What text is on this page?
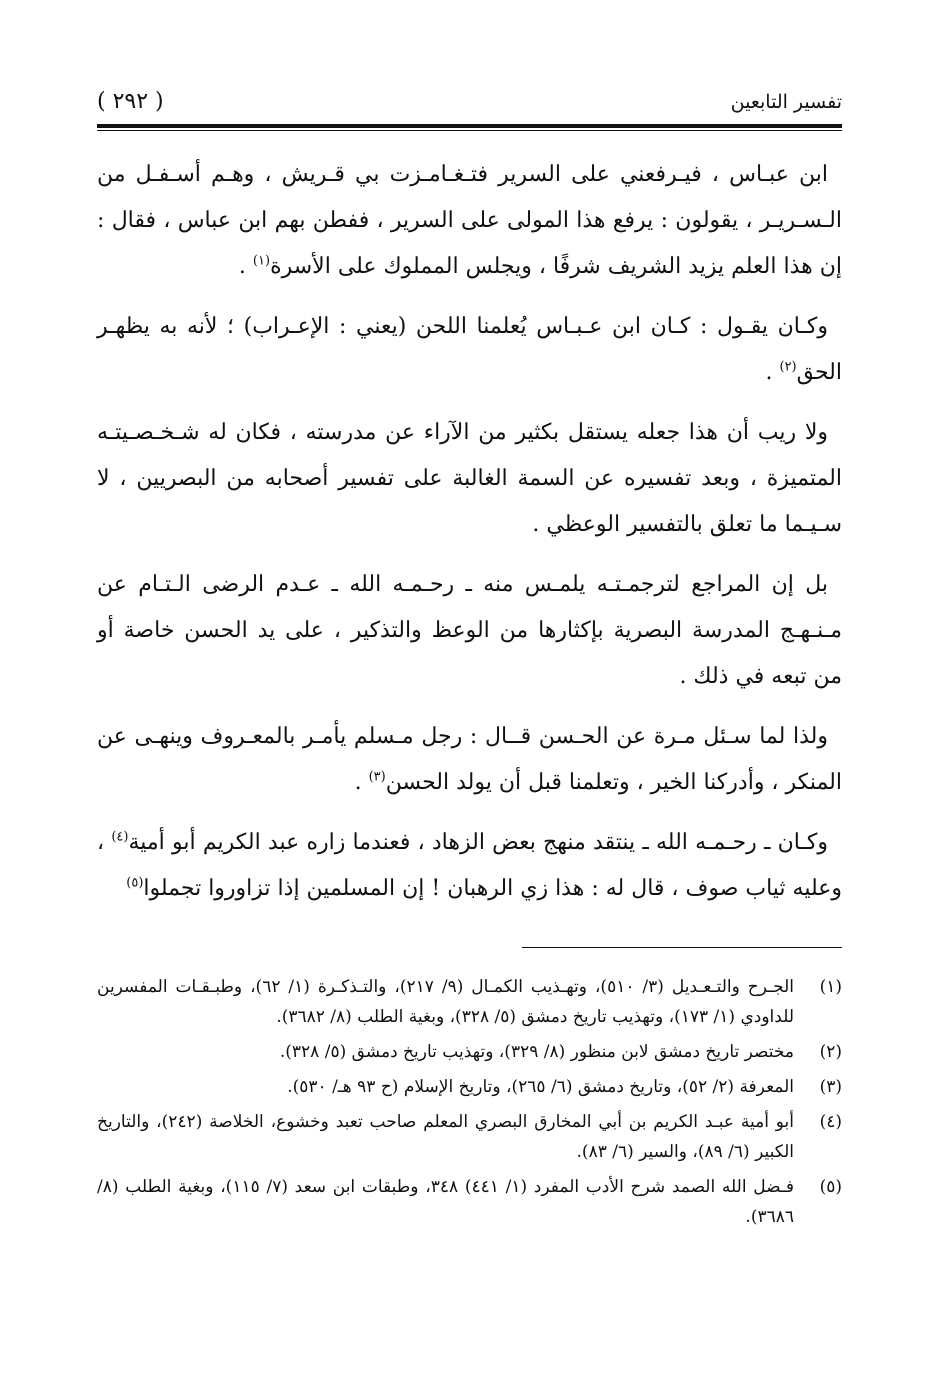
( ٢٩٢ )	تفسير التابعين

ابن عبـاس ، فيـرفعني على السرير فتـغـامـزت بي قـريش ، وهـم أسـفـل من الـسـريـر ، يقولون : يرفع هذا المولى على السرير ، ففطن بهم ابن عباس ، فقال : إن هذا العلم يزيد الشريف شرفًا ، ويجلس المملوك على الأسرة$^{(١)}$ .

وكـان يقـول : كـان ابن عـبـاس يُعلمنا اللحن (يعني : الإعـراب) ؛ لأنه به يظهـر الحق$^{(٢)}$ .

ولا ريب أن هذا جعله يستقل بكثير من الآراء عن مدرسته ، فكان له شـخـصـيتـه المتميزة ، وبعد تفسيره عن السمة الغالبة على تفسير أصحابه من البصريين ، لا سـيـما ما تعلق بالتفسير الوعظي .

بل إن المراجع لترجمـتـه يلمـس منه ـ رحـمـه الله ـ عـدم الرضى الـتـام عن مـنـهـج المدرسة البصرية بإكثارها من الوعظ والتذكير ، على يد الحسن خاصة أو من تبعه في ذلك .

ولذا لما سـئل مـرة عن الحـسن قــال : رجل مـسلم يأمـر بالمعـروف وينهـى عن المنكر ، وأدركنا الخير ، وتعلمنا قبل أن يولد الحسن$^{(٣)}$ .

وكـان ـ رحـمـه الله ـ ينتقد منهج بعض الزهاد ، فعندما زاره عبد الكريم أبو أمية$^{(٤)}$ ، وعليه ثياب صوف ، قال له : هذا زي الرهبان ! إن المسلمين إذا تزاوروا تجملوا$^{(٥)}$

(١)
الجـرح والتـعـديل (٣/ ٥١٠)، وتهـذيب الكمـال (٩/ ٢١٧)، والتـذكـرة (١/ ٦٢)، وطبـقـات المفسرين للداودي (١/ ١٧٣)، وتهذيب تاريخ دمشق (٥/ ٣٢٨)، وبغية الطلب (٨/ ٣٦٨٢).
(٢)
مختصر تاريخ دمشق لابن منظور (٨/ ٣٢٩)، وتهذيب تاريخ دمشق (٥/ ٣٢٨).
(٣)
المعرفة (٢/ ٥٢)، وتاريخ دمشق (٦/ ٢٦٥)، وتاريخ الإسلام (ح ٩٣ هـ/ ٥٣٠).
(٤)
أبو أمية عبـد الكريم بن أبي المخارق البصري المعلم صاحب تعبد وخشوع، الخلاصة (٢٤٢)، والتاريخ الكبير (٦/ ٨٩)، والسير (٦/ ٨٣).
(٥)
فـضل الله الصمد شرح الأدب المفرد (١/ ٤٤١) ٣٤٨، وطبقات ابن سعد (٧/ ١١٥)، وبغية الطلب (٨/ ٣٦٨٦).
